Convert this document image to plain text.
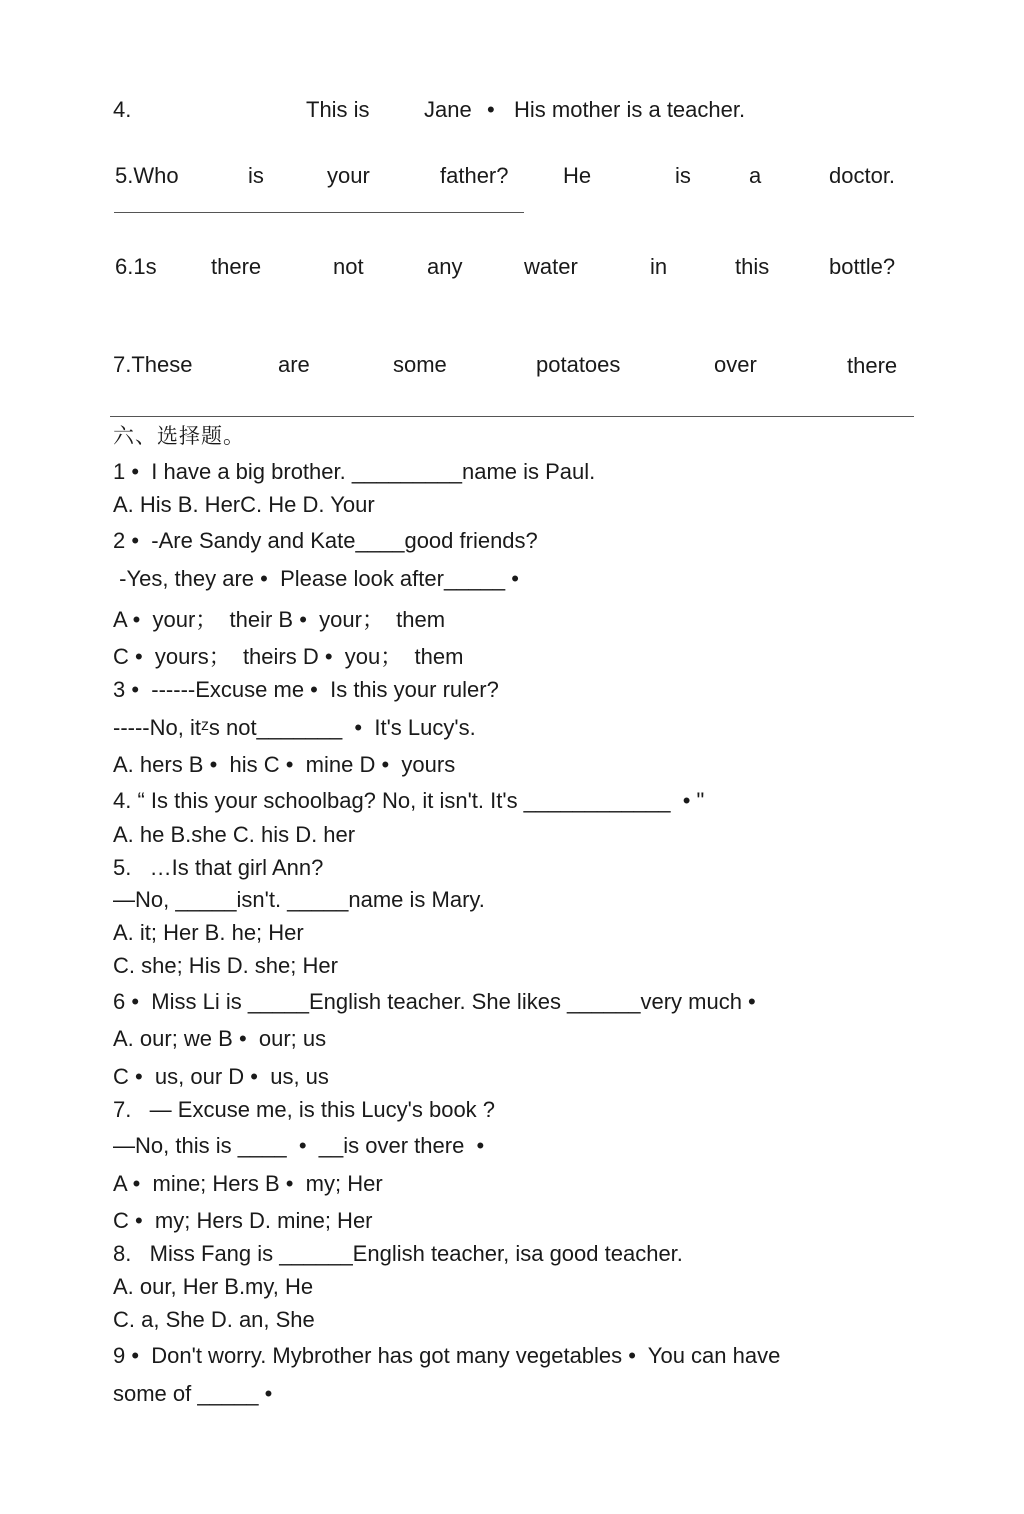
4.	This is Jane • His mother is a teacher.
5.Who	is	your	father? He	is	a	doctor.
6.1s there	not	any	water	in	this	bottle?
7.These	are	some	potatoes	over	there
六、选择题。
1 •  I have a big brother. _________name is Paul.
A. His B. HerC. He D. Your
2 •  -Are Sandy and Kate____good friends?
-Yes, they are •  Please look after_____ •
A •  your；  their B •  your；  them
C •  yours；  theirs D •  you；  them
3 •  ------Excuse me •  Is this your ruler?
-----No, itᶻs not_______  •  It's Lucy's.
A. hers B •  his C •  mine D •  yours
4. “ Is this your schoolbag? No, it isn't. It's ____________  • "
A. he B.she C. his D. her
5.   …Is that girl Ann?
—No, _____isn't. _____name is Mary.
A. it; Her B. he; Her
C. she; His D. she; Her
6 •  Miss Li is _____English teacher. She likes ______very much •
A. our; we B •  our; us
C •  us, our D •  us, us
7.   — Excuse me, is this Lucy's book ?
—No, this is ____  •  __is over there  •
A •  mine; Hers B •  my; Her
C •  my; Hers D. mine; Her
8.   Miss Fang is ______English teacher, isa good teacher.
A. our, Her B.my, He
C. a, She D. an, She
9 •  Don't worry. Mybrother has got many vegetables •  You can have
some of _____ •
